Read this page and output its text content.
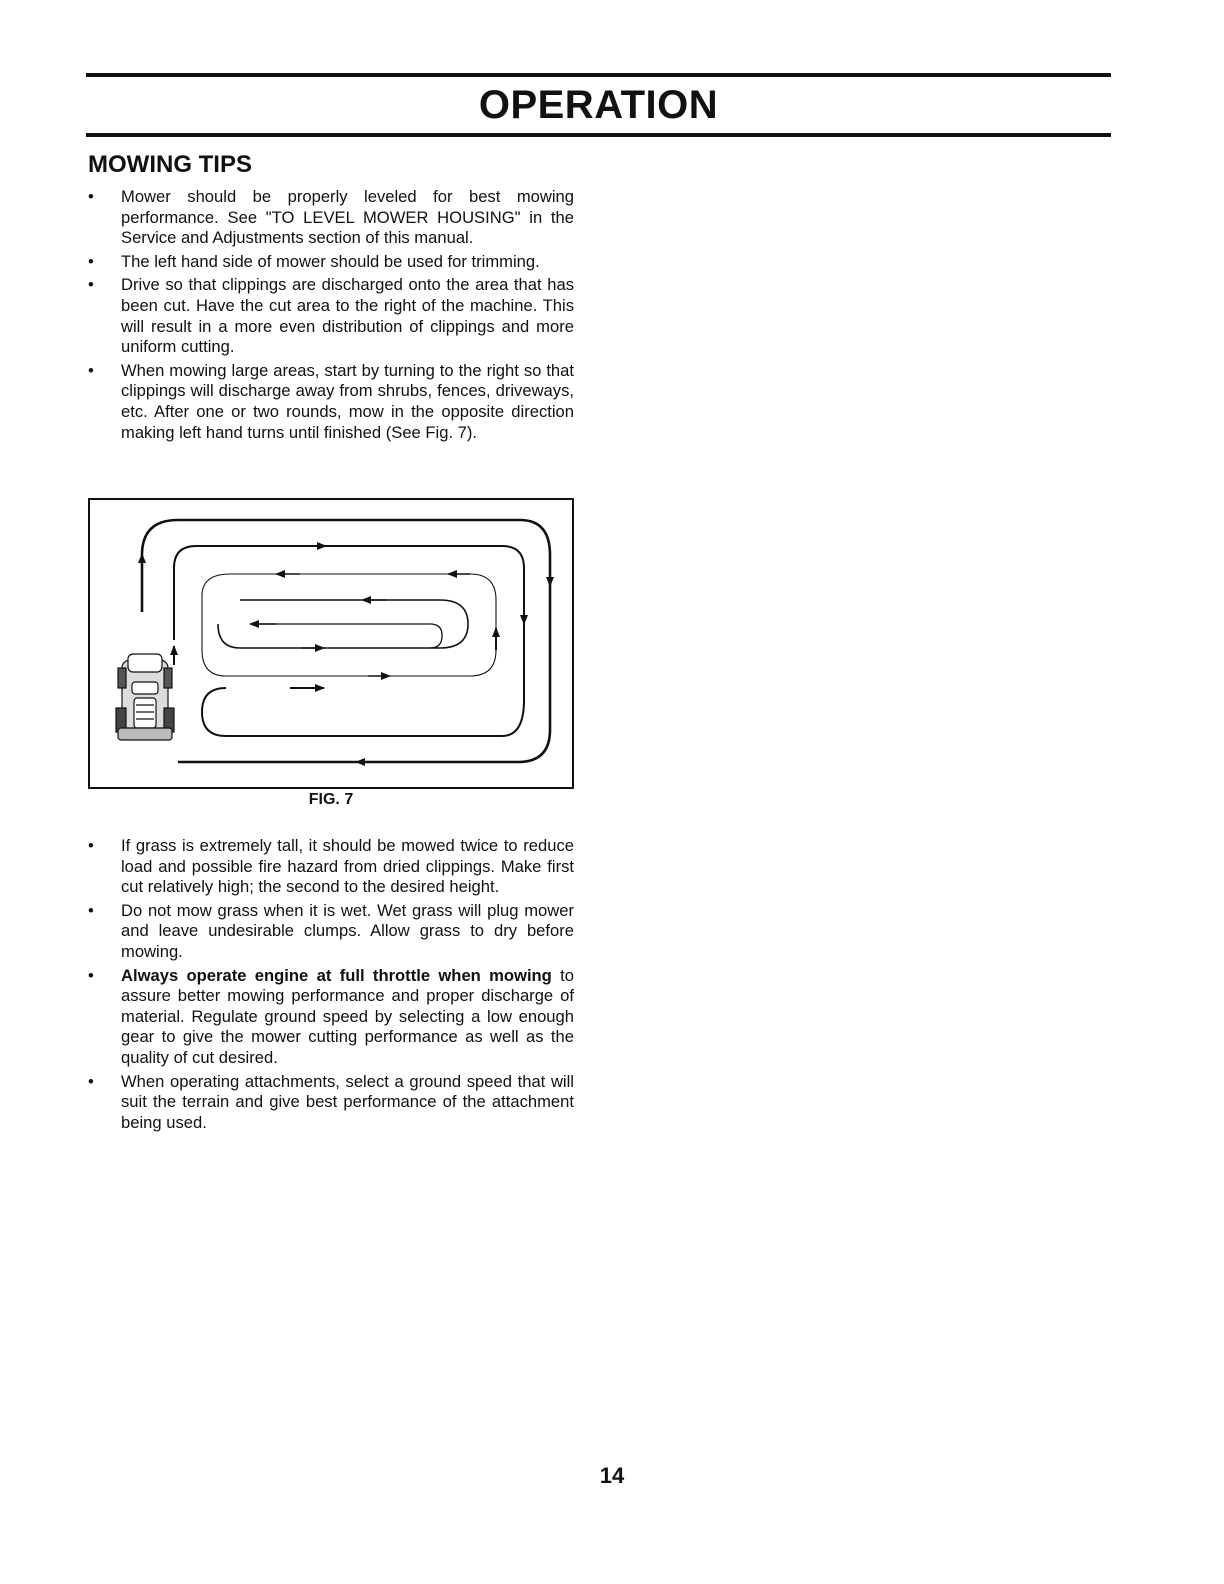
OPERATION
MOWING TIPS
• Mower should be properly leveled for best mowing performance. See "TO LEVEL MOWER HOUSING" in the Service and Adjustments section of this manual.
• The left hand side of mower should be used for trimming.
• Drive so that clippings are discharged onto the area that has been cut. Have the cut area to the right of the machine. This will result in a more even distribution of clippings and more uniform cutting.
• When mowing large areas, start by turning to the right so that clippings will discharge away from shrubs, fences, driveways, etc. After one or two rounds, mow in the opposite direction making left hand turns until finished (See Fig. 7).

FIG. 7

• If grass is extremely tall, it should be mowed twice to reduce load and possible fire hazard from dried clippings. Make first cut relatively high; the second to the desired height.
• Do not mow grass when it is wet. Wet grass will plug mower and leave undesirable clumps. Allow grass to dry before mowing.
• Always operate engine at full throttle when mowing to assure better mowing performance and proper discharge of material. Regulate ground speed by selecting a low enough gear to give the mower cutting performance as well as the quality of cut desired.
• When operating attachments, select a ground speed that will suit the terrain and give best performance of the attachment being used.

14
